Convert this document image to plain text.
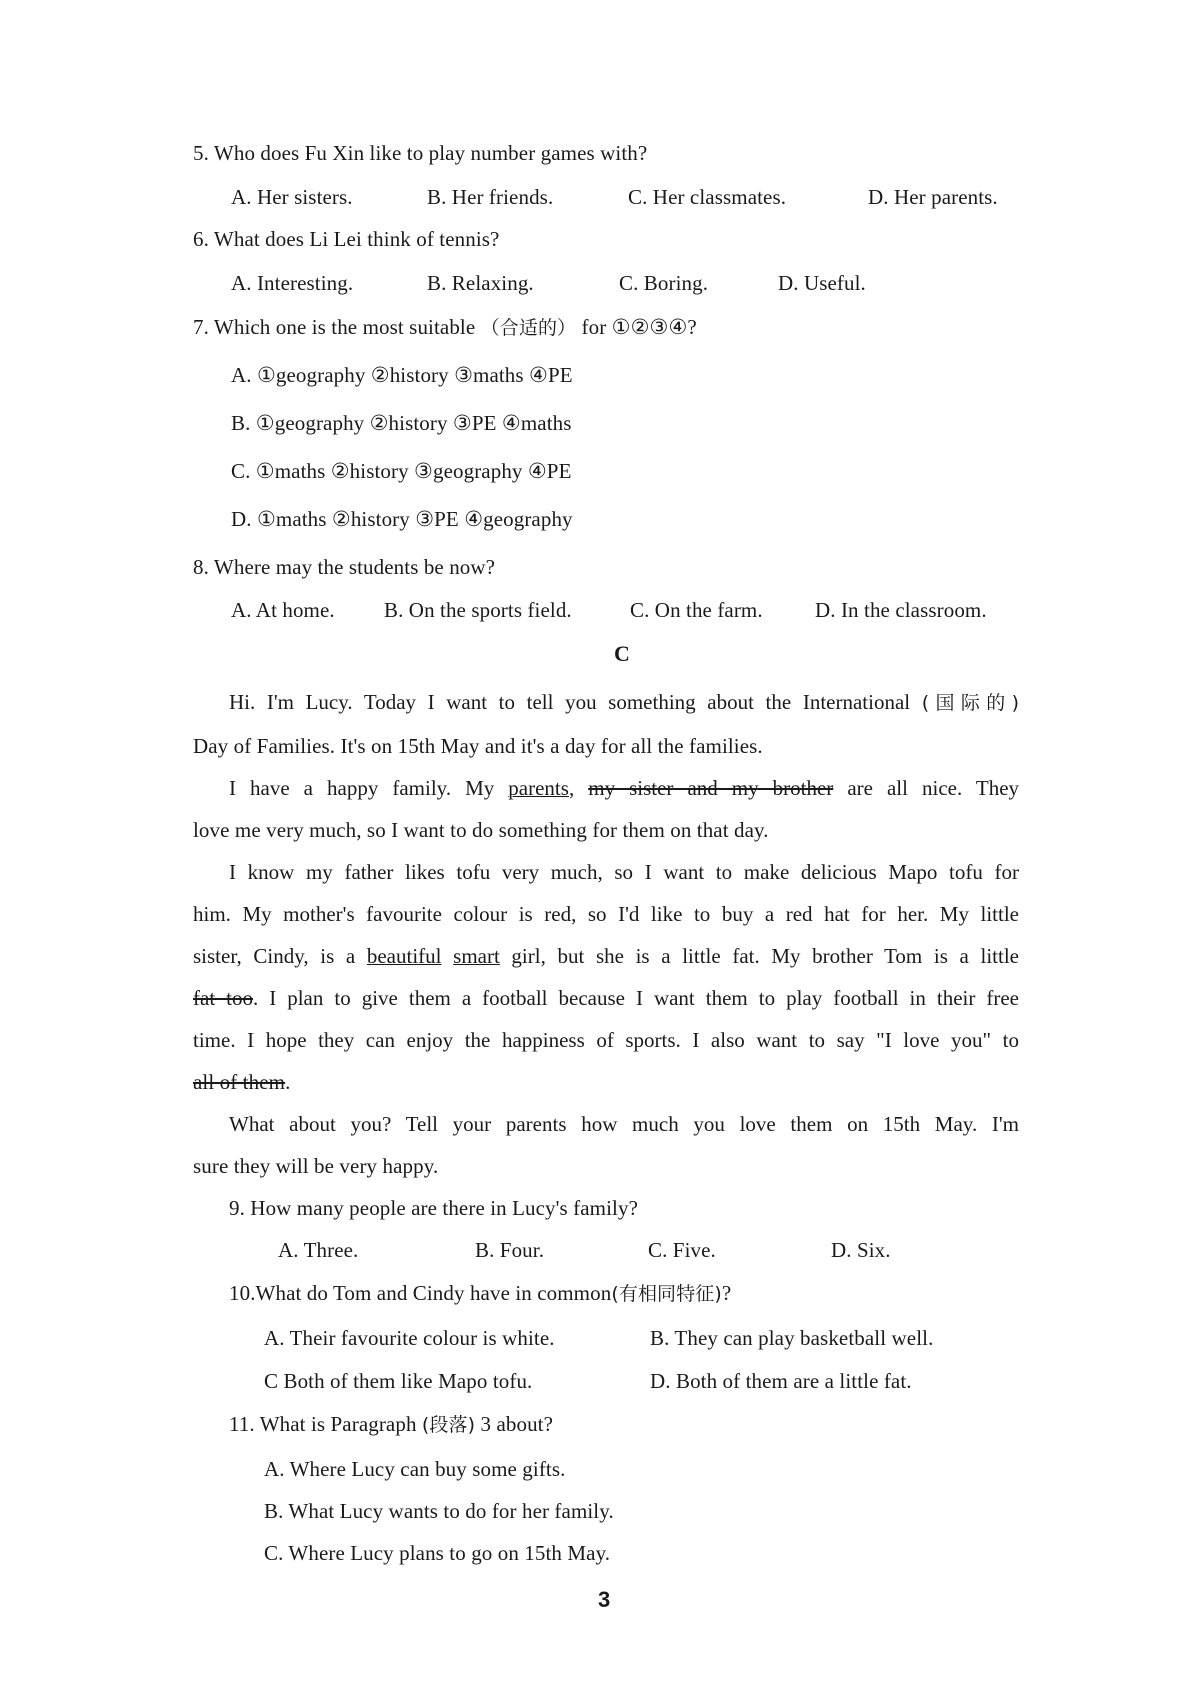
5. Who does Fu Xin like to play number games with?
A. Her sisters.	B. Her friends.	C. Her classmates.	D. Her parents.
6. What does Li Lei think of tennis?
A. Interesting.	B. Relaxing.	C. Boring.	D. Useful.
7. Which one is the most suitable （合适的） for ①②③④?
A. ①geography ②history ③maths ④PE
B. ①geography ②history ③PE ④maths
C. ①maths ②history ③geography ④PE
D. ①maths ②history ③PE ④geography
8. Where may the students be now?
A. At home. B. On the sports field.	C. On the farm. D. In the classroom.
C
Hi. I'm Lucy. Today I want to tell you something about the International (国际的)
Day of Families. It's on 15th May and it's a day for all the families.
I have a happy family. My parents, my sister and my brother are all nice. They
love me very much, so I want to do something for them on that day.
I know my father likes tofu very much, so I want to make delicious Mapo tofu for
him. My mother's favourite colour is red, so I'd like to buy a red hat for her. My little
sister, Cindy, is a beautiful smart girl, but she is a little fat. My brother Tom is a little
fat too. I plan to give them a football because I want them to play football in their free
time. I hope they can enjoy the happiness of sports. I also want to say "I love you" to
all of them.
What about you? Tell your parents how much you love them on 15th May. I'm
sure they will be very happy.
9. How many people are there in Lucy's family?
A. Three.	B. Four.	C. Five.	D. Six.
10.What do Tom and Cindy have in common(有相同特征)?
A. Their favourite colour is white.	B. They can play basketball well.
C Both of them like Mapo tofu.	D. Both of them are a little fat.
11. What is Paragraph (段落) 3 about?
A. Where Lucy can buy some gifts.
B. What Lucy wants to do for her family.
C. Where Lucy plans to go on 15th May.
3
